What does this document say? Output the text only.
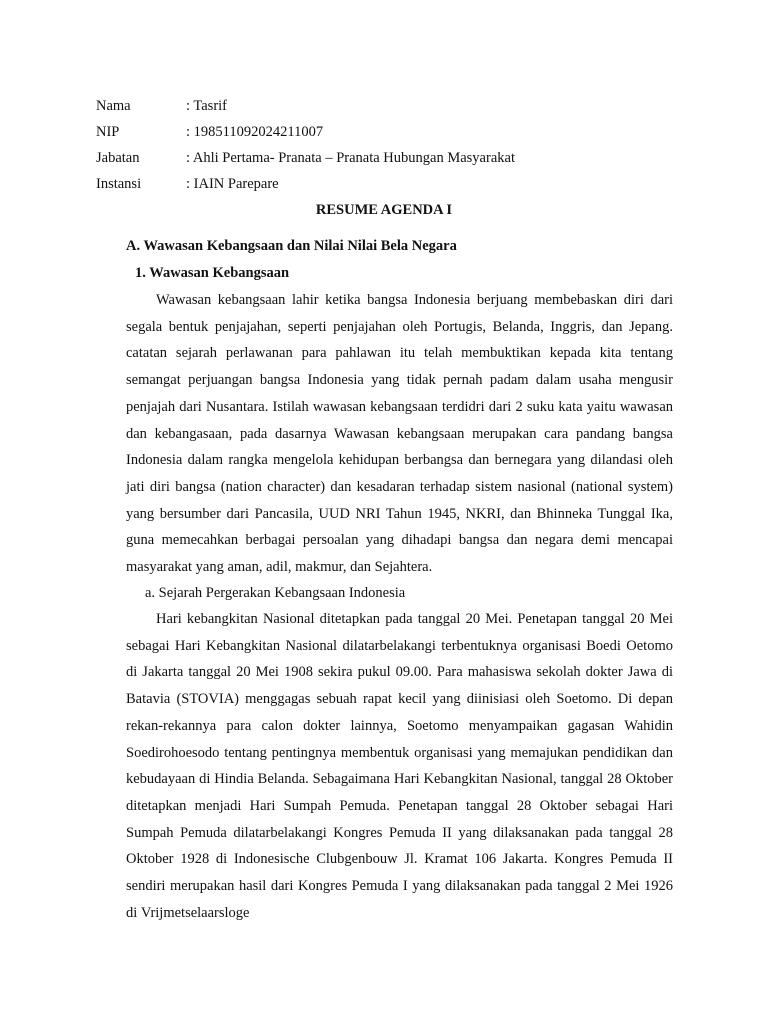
Nama	: Tasrif
NIP	: 198511092024211007
Jabatan	: Ahli Pertama- Pranata – Pranata Hubungan Masyarakat
Instansi	: IAIN Parepare
RESUME AGENDA I
A. Wawasan Kebangsaan dan Nilai Nilai Bela Negara
1. Wawasan Kebangsaan

Wawasan kebangsaan lahir ketika bangsa Indonesia berjuang membebaskan diri dari segala bentuk penjajahan, seperti penjajahan oleh Portugis, Belanda, Inggris, dan Jepang. catatan sejarah perlawanan para pahlawan itu telah membuktikan kepada kita tentang semangat perjuangan bangsa Indonesia yang tidak pernah padam dalam usaha mengusir penjajah dari Nusantara. Istilah wawasan kebangsaan terdidri dari 2 suku kata yaitu wawasan dan kebangasaan, pada dasarnya Wawasan kebangsaan merupakan cara pandang bangsa Indonesia dalam rangka mengelola kehidupan berbangsa dan bernegara yang dilandasi oleh jati diri bangsa (nation character) dan kesadaran terhadap sistem nasional (national system) yang bersumber dari Pancasila, UUD NRI Tahun 1945, NKRI, dan Bhinneka Tunggal Ika, guna memecahkan berbagai persoalan yang dihadapi bangsa dan negara demi mencapai masyarakat yang aman, adil, makmur, dan Sejahtera.

a. Sejarah Pergerakan Kebangsaan Indonesia

Hari kebangkitan Nasional ditetapkan pada tanggal 20 Mei. Penetapan tanggal 20 Mei sebagai Hari Kebangkitan Nasional dilatarbelakangi terbentuknya organisasi Boedi Oetomo di Jakarta tanggal 20 Mei 1908 sekira pukul 09.00. Para mahasiswa sekolah dokter Jawa di Batavia (STOVIA) menggagas sebuah rapat kecil yang diinisiasi oleh Soetomo. Di depan rekan-rekannya para calon dokter lainnya, Soetomo menyampaikan gagasan Wahidin Soedirohoesodo tentang pentingnya membentuk organisasi yang memajukan pendidikan dan kebudayaan di Hindia Belanda. Sebagaimana Hari Kebangkitan Nasional, tanggal 28 Oktober ditetapkan menjadi Hari Sumpah Pemuda. Penetapan tanggal 28 Oktober sebagai Hari Sumpah Pemuda dilatarbelakangi Kongres Pemuda II yang dilaksanakan pada tanggal 28 Oktober 1928 di Indonesische Clubgenbouw Jl. Kramat 106 Jakarta. Kongres Pemuda II sendiri merupakan hasil dari Kongres Pemuda I yang dilaksanakan pada tanggal 2 Mei 1926 di Vrijmetselaarsloge
